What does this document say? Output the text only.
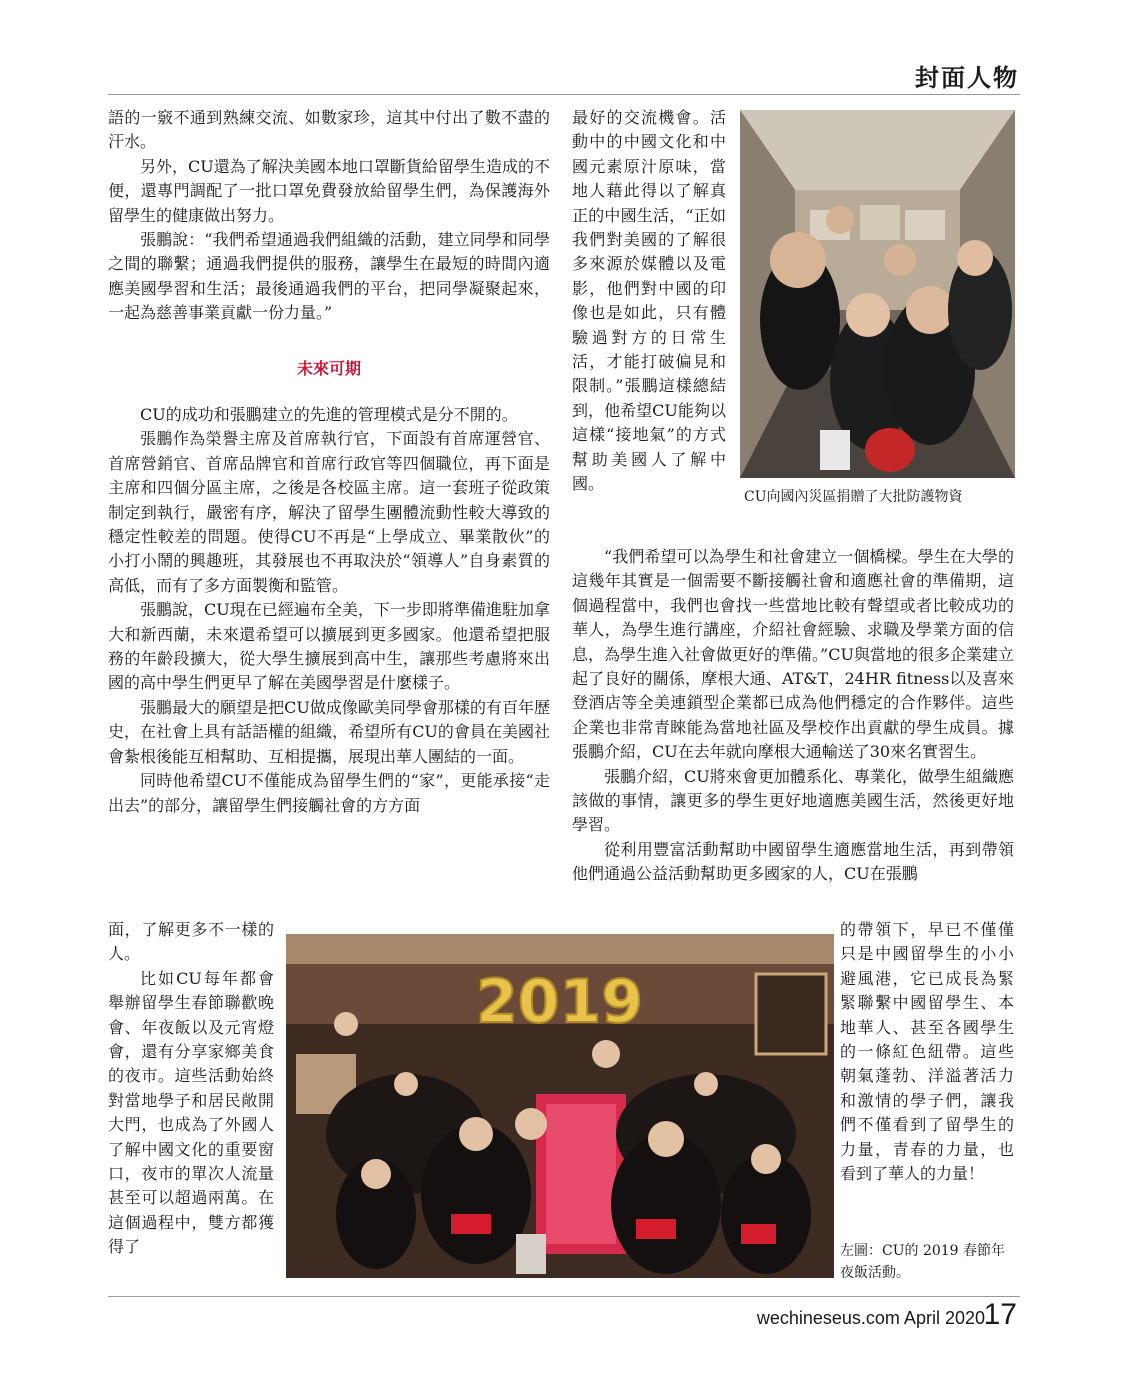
封面人物

語的一竅不通到熟練交流、如數家珍，這其中付出了數不盡的汗水。

另外，CU還為了解決美國本地口罩斷貨給留學生造成的不便，還專門調配了一批口罩免費發放給留學生們，為保護海外留學生的健康做出努力。

張鵬說：“我們希望通過我們組織的活動，建立同學和同學之間的聯繫；通過我們提供的服務，讓學生在最短的時間內適應美國學習和生活；最後通過我們的平台，把同學凝聚起來，一起為慈善事業貢獻一份力量。”

未來可期

CU的成功和張鵬建立的先進的管理模式是分不開的。

張鵬作為榮譽主席及首席執行官，下面設有首席運營官、首席營銷官、首席品牌官和首席行政官等四個職位，再下面是主席和四個分區主席，之後是各校區主席。這一套班子從政策制定到執行，嚴密有序，解決了留學生團體流動性較大導致的穩定性較差的問題。使得CU不再是“上學成立、畢業散伙”的小打小鬧的興趣班，其發展也不再取決於“領導人”自身素質的高低，而有了多方面製衡和監管。

張鵬說，CU現在已經遍布全美，下一步即將準備進駐加拿大和新西蘭，未來還希望可以擴展到更多國家。他還希望把服務的年齡段擴大，從大學生擴展到高中生，讓那些考慮將來出國的高中學生們更早了解在美國學習是什麼樣子。

張鵬最大的願望是把CU做成像歐美同學會那樣的有百年歷史，在社會上具有話語權的組織，希望所有CU的會員在美國社會紮根後能互相幫助、互相提攜，展現出華人團結的一面。

同時他希望CU不僅能成為留學生們的“家”，更能承接“走出去”的部分，讓留學生們接觸社會的方方面

面，了解更多不一樣的人。

比如CU每年都會舉辦留學生春節聯歡晚會、年夜飯以及元宵燈會，還有分享家鄉美食的夜市。這些活動始終對當地學子和居民敞開大門，也成為了外國人了解中國文化的重要窗口，夜市的單次人流量甚至可以超過兩萬。在這個過程中，雙方都獲得了

最好的交流機會。活動中的中國文化和中國元素原汁原味，當地人藉此得以了解真正的中國生活，“正如我們對美國的了解很多來源於媒體以及電影，他們對中國的印像也是如此，只有體驗過對方的日常生活，才能打破偏見和限制。”張鵬這樣總結到，他希望CU能夠以這樣“接地氣”的方式幫助美國人了解中國。

CU向國內災區捐贈了大批防護物資

“我們希望可以為學生和社會建立一個橋樑。學生在大學的這幾年其實是一個需要不斷接觸社會和適應社會的準備期，這個過程當中，我們也會找一些當地比較有聲望或者比較成功的華人，為學生進行講座，介紹社會經驗、求職及學業方面的信息，為學生進入社會做更好的準備。”CU與當地的很多企業建立起了良好的關係，摩根大通、AT&T，24HR fitness以及喜來登酒店等全美連鎖型企業都已成為他們穩定的合作夥伴。這些企業也非常青睞能為當地社區及學校作出貢獻的學生成員。據張鵬介紹，CU在去年就向摩根大通輸送了30來名實習生。

張鵬介紹，CU將來會更加體系化、專業化，做學生組織應該做的事情，讓更多的學生更好地適應美國生活，然後更好地學習。

從利用豐富活動幫助中國留學生適應當地生活，再到帶領他們通過公益活動幫助更多國家的人，CU在張鵬

的帶領下，早已不僅僅只是中國留學生的小小避風港，它已成長為緊緊聯繫中國留學生、本地華人、甚至各國學生的一條紅色紐帶。這些朝氣蓬勃、洋溢著活力和激情的學子們，讓我們不僅看到了留學生的力量，青春的力量，也看到了華人的力量！

左圖：CU的 2019 春節年夜飯活動。
2019
wechineseus.com April 2020
17
